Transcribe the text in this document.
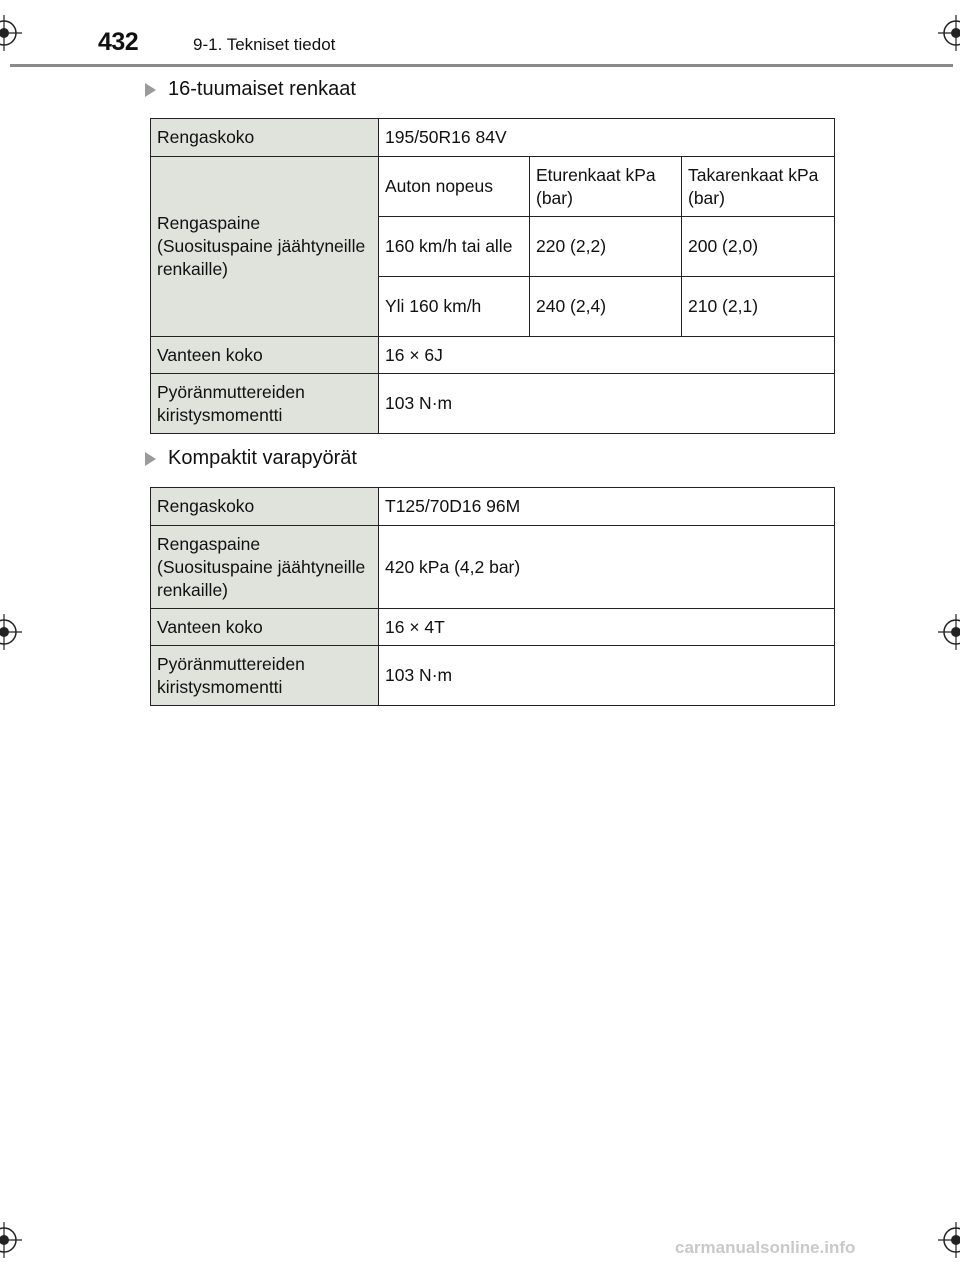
432	9-1. Tekniset tiedot
16-tuumaiset renkaat
Rengaskoko	195/50R16 84V		
Rengaspaine (Suosituspaine jäähtyneille renkaille)	Auton nopeus	Eturenkaat kPa (bar)	Takarenkaat kPa (bar)
	160 km/h tai alle	220 (2,2)	200 (2,0)
	Yli 160 km/h	240 (2,4)	210 (2,1)
Vanteen koko	16 × 6J		
Pyöränmuttereiden kiristysmomentti	103 N·m		
Kompaktit varapyörät
Rengaskoko	T125/70D16 96M
Rengaspaine (Suosituspaine jäähtyneille renkaille)	420 kPa (4,2 bar)
Vanteen koko	16 × 4T
Pyöränmuttereiden kiristysmomentti	103 N·m
carmanualsonline.info
